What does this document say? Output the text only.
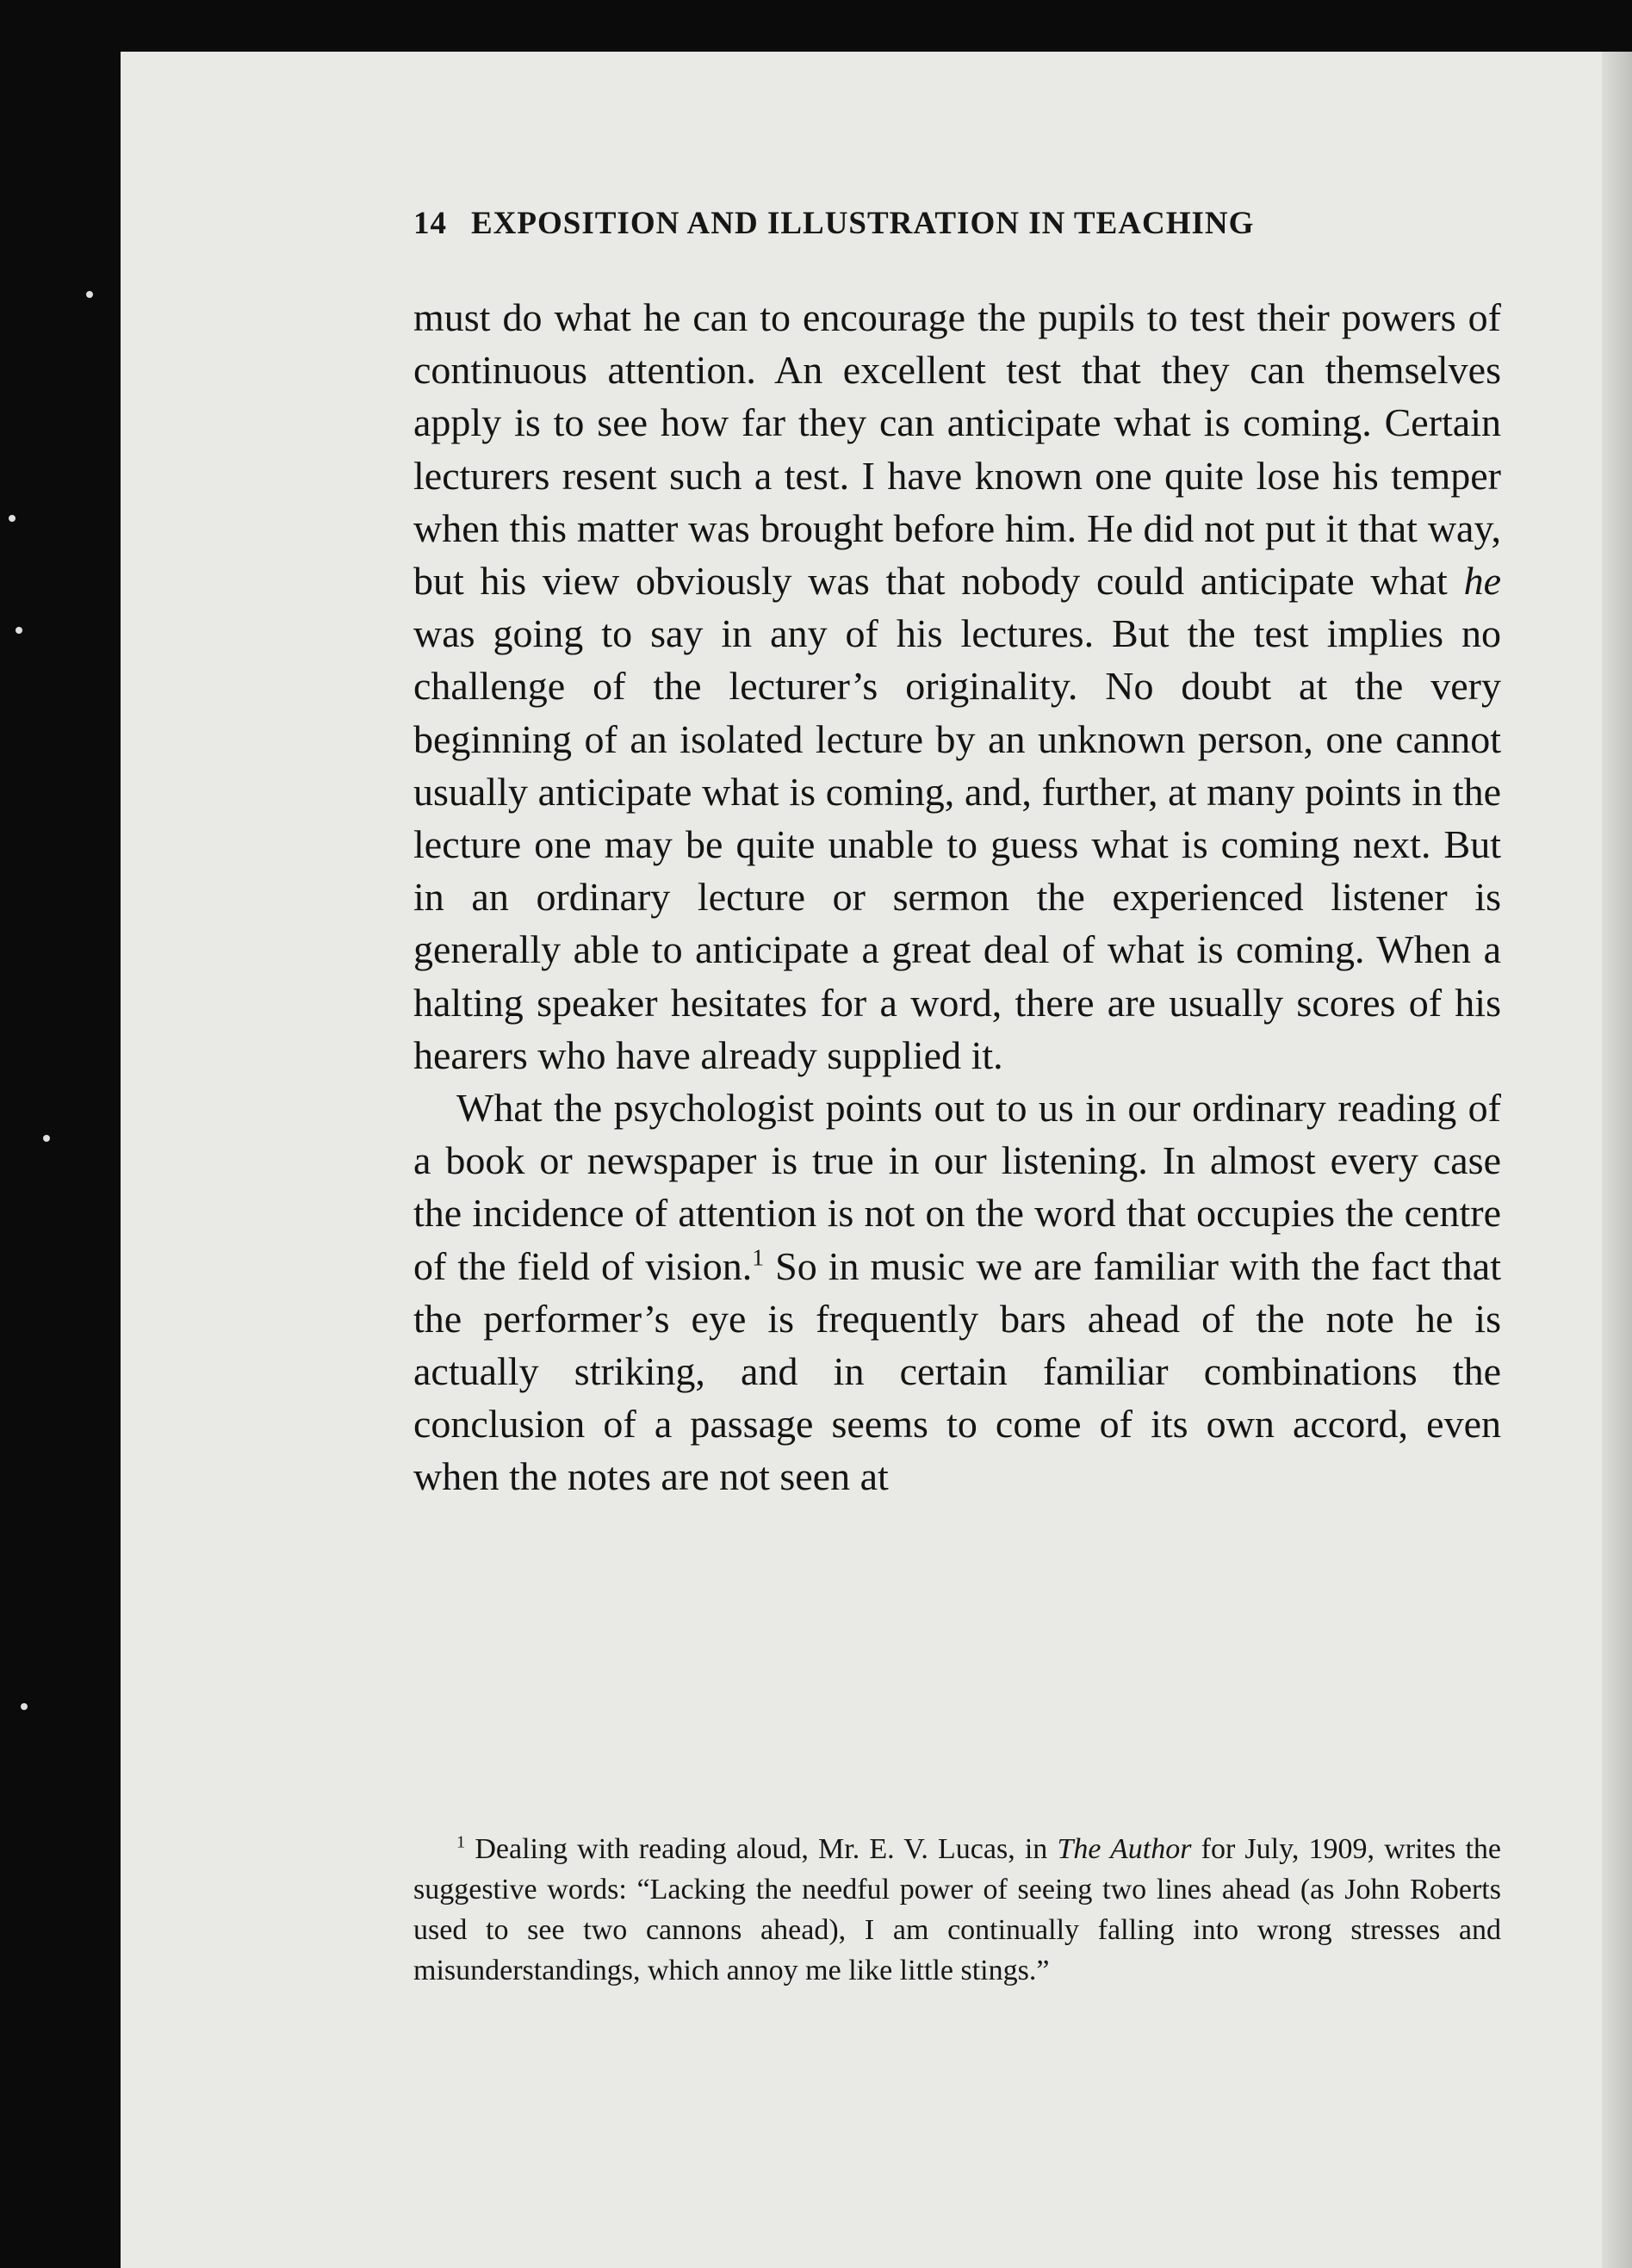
14 EXPOSITION AND ILLUSTRATION IN TEACHING

must do what he can to encourage the pupils to test their powers of continuous attention. An excellent test that they can themselves apply is to see how far they can anticipate what is coming. Certain lecturers resent such a test. I have known one quite lose his temper when this matter was brought before him. He did not put it that way, but his view obviously was that nobody could anticipate what he was going to say in any of his lectures. But the test implies no challenge of the lecturer’s originality. No doubt at the very beginning of an isolated lecture by an unknown person, one cannot usually anticipate what is coming, and, further, at many points in the lecture one may be quite unable to guess what is coming next. But in an ordinary lecture or sermon the experienced listener is generally able to anticipate a great deal of what is coming. When a halting speaker hesitates for a word, there are usually scores of his hearers who have already supplied it.

What the psychologist points out to us in our ordinary reading of a book or newspaper is true in our listening. In almost every case the incidence of attention is not on the word that occupies the centre of the field of vision.$^1$ So in music we are familiar with the fact that the performer’s eye is frequently bars ahead of the note he is actually striking, and in certain familiar combinations the conclusion of a passage seems to come of its own accord, even when the notes are not seen at

$^1$ Dealing with reading aloud, Mr. E. V. Lucas, in The Author for July, 1909, writes the suggestive words: “Lacking the needful power of seeing two lines ahead (as John Roberts used to see two cannons ahead), I am continually falling into wrong stresses and misunderstandings, which annoy me like little stings.”
